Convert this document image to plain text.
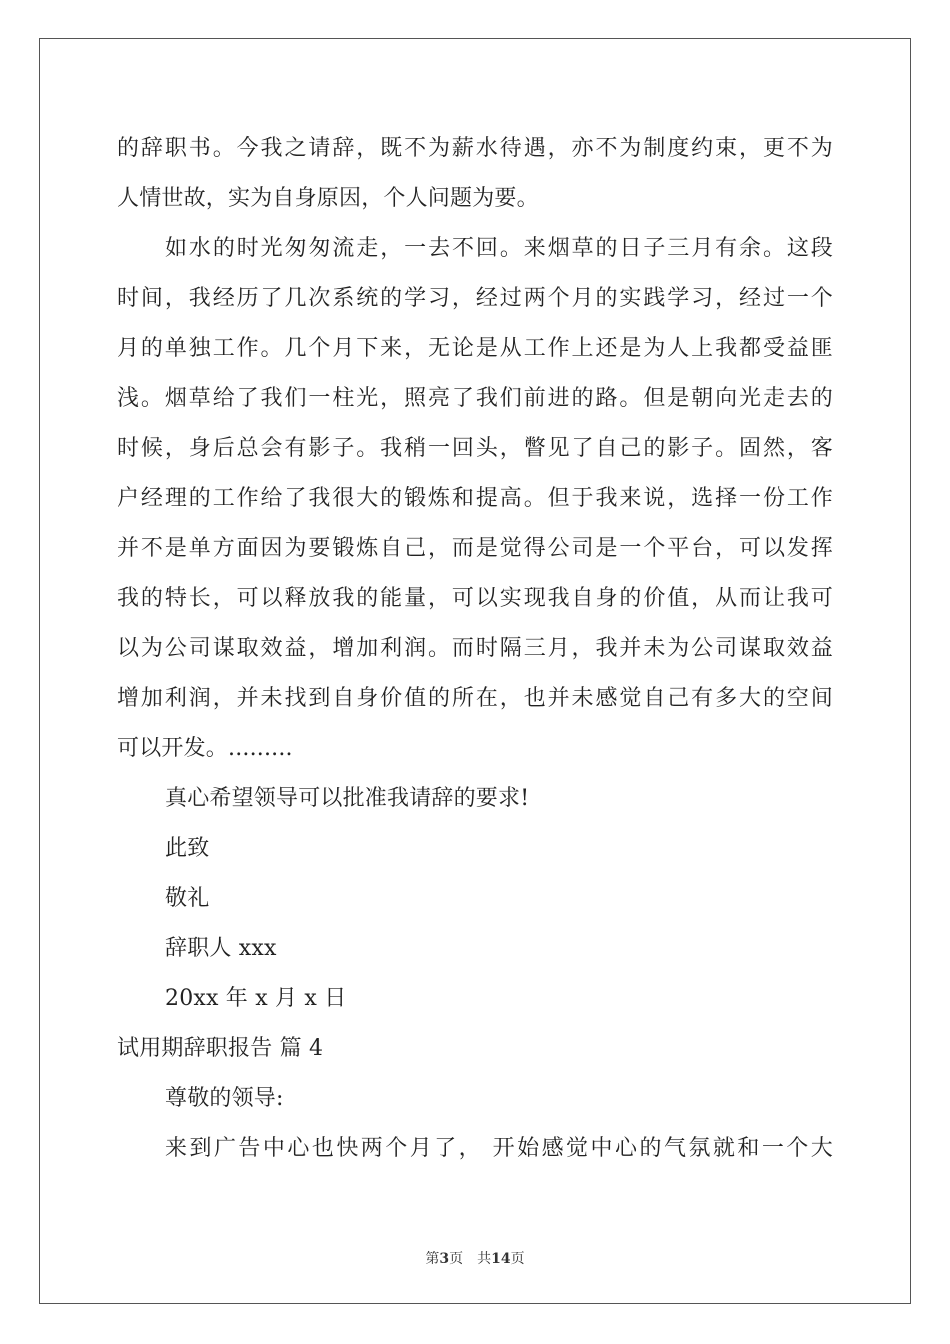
的辞职书。今我之请辞，既不为薪水待遇，亦不为制度约束，更不为
人情世故，实为自身原因，个人问题为要。
如水的时光匆匆流走，一去不回。来烟草的日子三月有余。这段
时间，我经历了几次系统的学习，经过两个月的实践学习，经过一个
月的单独工作。几个月下来，无论是从工作上还是为人上我都受益匪
浅。烟草给了我们一柱光，照亮了我们前进的路。但是朝向光走去的
时候，身后总会有影子。我稍一回头，瞥见了自己的影子。固然，客
户经理的工作给了我很大的锻炼和提高。但于我来说，选择一份工作
并不是单方面因为要锻炼自己，而是觉得公司是一个平台，可以发挥
我的特长，可以释放我的能量，可以实现我自身的价值，从而让我可
以为公司谋取效益，增加利润。而时隔三月，我并未为公司谋取效益
增加利润，并未找到自身价值的所在，也并未感觉自己有多大的空间
可以开发。.........
真心希望领导可以批准我请辞的要求!
此致
敬礼
辞职人 xxx
20xx 年 x 月 x 日
试用期辞职报告 篇 4
尊敬的领导:
来到广告中心也快两个月了， 开始感觉中心的气氛就和一个大
第3页 共14页
